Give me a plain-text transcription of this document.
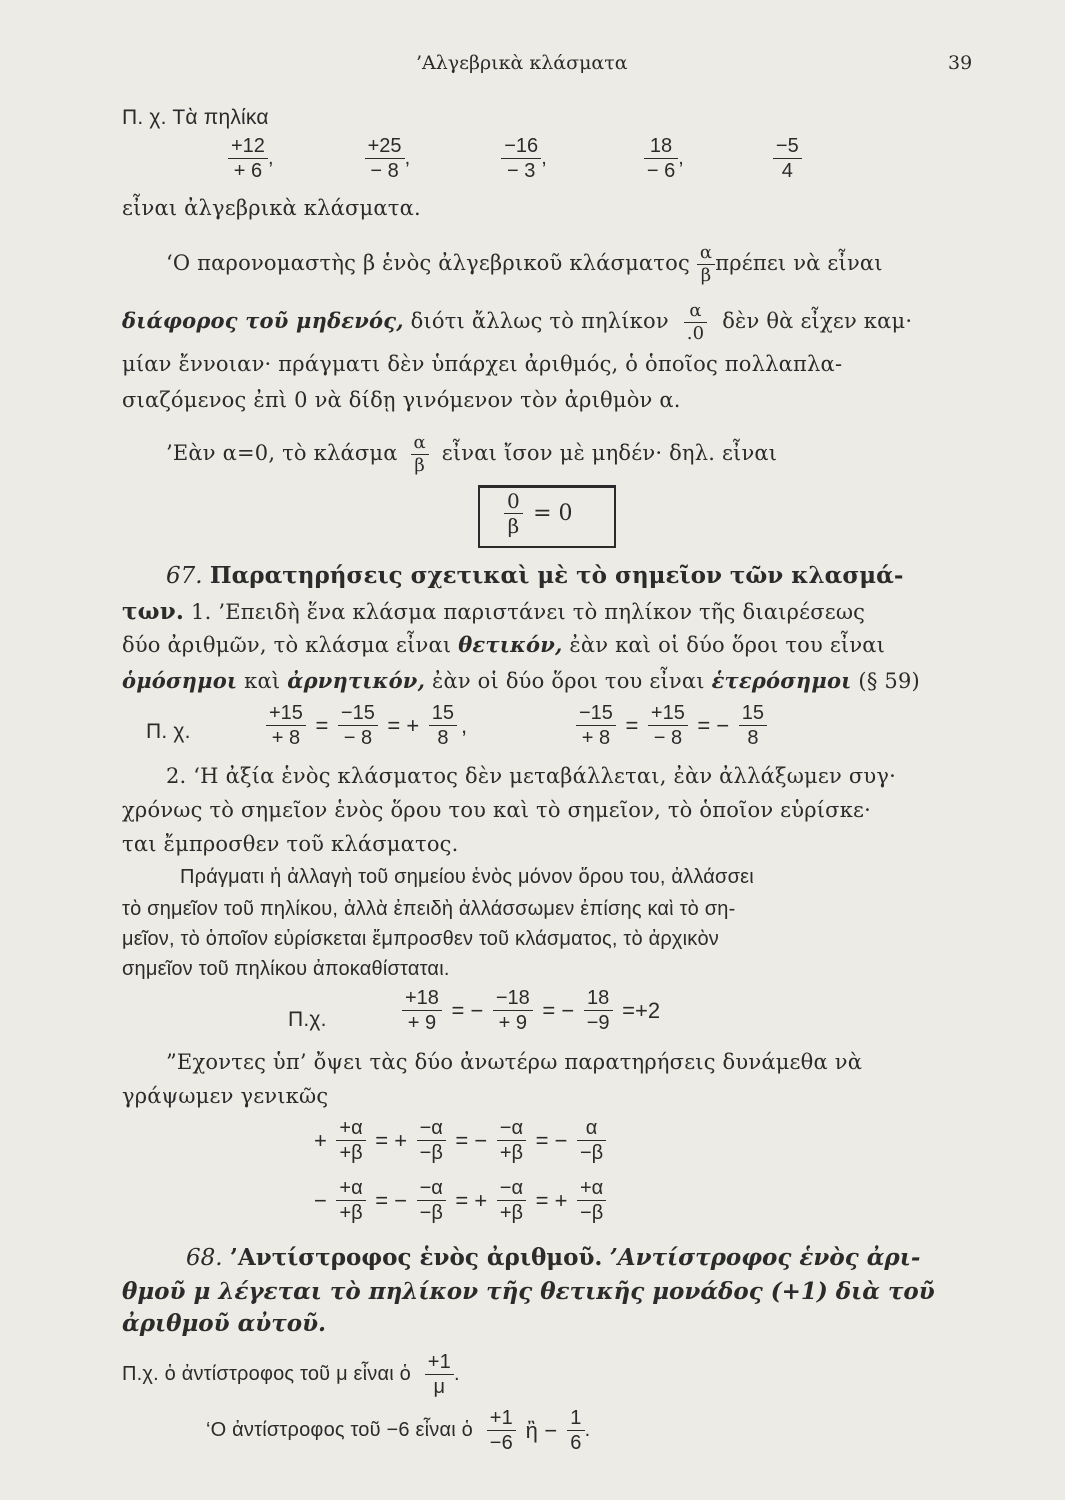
’Αλγεβρικὰ κλάσματα	39
Π. χ. Τὰ πηλίκα
$\frac{+12}{+ 6}$ ,	$\frac{+25}{- 8}$ ,	$\frac{-16}{- 3}$ ,	$\frac{18}{- 6}$ ,	$\frac{-5}{4}$
εἶναι ἀλγεβρικὰ κλάσματα.
‘Ο παρονομαστὴς β ἑνὸς ἀλγεβρικοῦ κλάσματος $\frac{\alpha}{\beta}$ πρέπει νὰ εἶναι
διάφορος τοῦ μηδενός, διότι ἄλλως τὸ πηλίκον $\frac{\alpha}{.0}$ δὲν θὰ εἶχεν καμ·
μίαν ἔννοιαν· πράγματι δὲν ὑπάρχει ἀριθμός, ὁ ὁποῖος πολλαπλα-
σιαζόμενος ἐπὶ 0 νὰ δίδῃ γινόμενον τὸν ἀριθμὸν α.
’Εὰν α=0, τὸ κλάσμα $\frac{\alpha}{\beta}$ εἶναι ἴσον μὲ μηδέν· δηλ. εἶναι
$\frac{0}{\beta} = 0$
67. Παρατηρήσεις σχετικαὶ μὲ τὸ σημεῖον τῶν κλασμά-
των. 1. ’Επειδὴ ἕνα κλάσμα παριστάνει τὸ πηλίκον τῆς διαιρέσεως
δύο ἀριθμῶν, τὸ κλάσμα εἶναι θετικόν, ἐὰν καὶ οἱ δύο ὅροι του εἶναι
ὁμόσημοι καὶ ἀρνητικόν, ἐὰν οἱ δύο ὅροι του εἶναι ἑτερόσημοι (§ 59)
Π. χ.	$\frac{+15}{+ 8} = \frac{-15}{- 8}$ = + $\frac{15}{8}$ ,	$\frac{-15}{+ 8} = \frac{+15}{- 8}$ = − $\frac{15}{8}$
2. ‘Η ἀξία ἑνὸς κλάσματος δὲν μεταβάλλεται, ἐὰν ἀλλάξωμεν συγ·
χρόνως τὸ σημεῖον ἑνὸς ὅρου του καὶ τὸ σημεῖον, τὸ ὁποῖον εὑρίσκε·
ται ἔμπροσθεν τοῦ κλάσματος.
Πράγματι ἡ ἀλλαγὴ τοῦ σημείου ἑνὸς μόνον ὅρου του, ἀλλάσσει
τὸ σημεῖον τοῦ πηλίκου, ἀλλὰ ἐπειδὴ ἀλλάσσωμεν ἐπίσης καὶ τὸ ση-
μεῖον, τὸ ὁποῖον εὑρίσκεται ἔμπροσθεν τοῦ κλάσματος, τὸ ἀρχικὸν
σημεῖον τοῦ πηλίκου ἀποκαθίσταται.
Π.χ.	$\frac{+18}{+ 9}$ = − $\frac{-18}{+ 9}$ = − $\frac{18}{-9} =+2$
”Εχοντες ὑπ’ ὄψει τὰς δύο ἀνωτέρω παρατηρήσεις δυνάμεθα νὰ
γράψωμεν γενικῶς
+ $\frac{+\alpha}{+\beta}$ = + $\frac{-\alpha}{-\beta}$ = − $\frac{-\alpha}{+\beta}$ = − $\frac{\alpha}{-\beta}$
− $\frac{+\alpha}{+\beta}$ = − $\frac{-\alpha}{-\beta}$ = + $\frac{-\alpha}{+\beta}$ = + $\frac{+\alpha}{-\beta}$
68. ’Αντίστροφος ἑνὸς ἀριθμοῦ. ’Αντίστροφος ἑνὸς ἀρι-
θμοῦ μ λέγεται τὸ πηλίκον τῆς θετικῆς μονάδος (+1) διὰ τοῦ
ἀριθμοῦ αὐτοῦ.
Π.χ. ὁ ἀντίστροφος τοῦ μ εἶναι ὁ $\frac{+1}{\mu}$ .
‘Ο ἀντίστροφος τοῦ −6 εἶναι ὁ $\frac{+1}{-6}$ ἢ − $\frac{1}{6}$ .
